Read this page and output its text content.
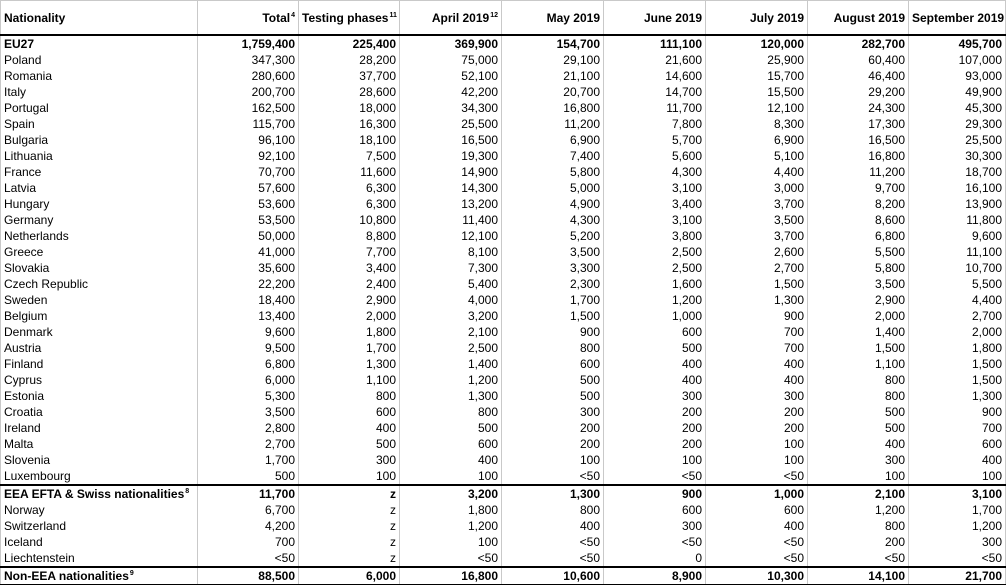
Nationality	Total$^4$	Testing phases$^{11}$	April 2019$^{12}$	May 2019	June 2019	July 2019	August 2019	September 2019
EU27	1,759,400	225,400	369,900	154,700	111,100	120,000	282,700	495,700
Poland	347,300	28,200	75,000	29,100	21,600	25,900	60,400	107,000
Romania	280,600	37,700	52,100	21,100	14,600	15,700	46,400	93,000
Italy	200,700	28,600	42,200	20,700	14,700	15,500	29,200	49,900
Portugal	162,500	18,000	34,300	16,800	11,700	12,100	24,300	45,300
Spain	115,700	16,300	25,500	11,200	7,800	8,300	17,300	29,300
Bulgaria	96,100	18,100	16,500	6,900	5,700	6,900	16,500	25,500
Lithuania	92,100	7,500	19,300	7,400	5,600	5,100	16,800	30,300
France	70,700	11,600	14,900	5,800	4,300	4,400	11,200	18,700
Latvia	57,600	6,300	14,300	5,000	3,100	3,000	9,700	16,100
Hungary	53,600	6,300	13,200	4,900	3,400	3,700	8,200	13,900
Germany	53,500	10,800	11,400	4,300	3,100	3,500	8,600	11,800
Netherlands	50,000	8,800	12,100	5,200	3,800	3,700	6,800	9,600
Greece	41,000	7,700	8,100	3,500	2,500	2,600	5,500	11,100
Slovakia	35,600	3,400	7,300	3,300	2,500	2,700	5,800	10,700
Czech Republic	22,200	2,400	5,400	2,300	1,600	1,500	3,500	5,500
Sweden	18,400	2,900	4,000	1,700	1,200	1,300	2,900	4,400
Belgium	13,400	2,000	3,200	1,500	1,000	900	2,000	2,700
Denmark	9,600	1,800	2,100	900	600	700	1,400	2,000
Austria	9,500	1,700	2,500	800	500	700	1,500	1,800
Finland	6,800	1,300	1,400	600	400	400	1,100	1,500
Cyprus	6,000	1,100	1,200	500	400	400	800	1,500
Estonia	5,300	800	1,300	500	300	300	800	1,300
Croatia	3,500	600	800	300	200	200	500	900
Ireland	2,800	400	500	200	200	200	500	700
Malta	2,700	500	600	200	200	100	400	600
Slovenia	1,700	300	400	100	100	100	300	400
Luxembourg	500	100	100	<50	<50	<50	100	100
EEA EFTA & Swiss nationalities$^8$	11,700	z	3,200	1,300	900	1,000	2,100	3,100
Norway	6,700	z	1,800	800	600	600	1,200	1,700
Switzerland	4,200	z	1,200	400	300	400	800	1,200
Iceland	700	z	100	<50	<50	<50	200	300
Liechtenstein	<50	z	<50	<50	0	<50	<50	<50
Non-EEA nationalities$^9$	88,500	6,000	16,800	10,600	8,900	10,300	14,100	21,700
